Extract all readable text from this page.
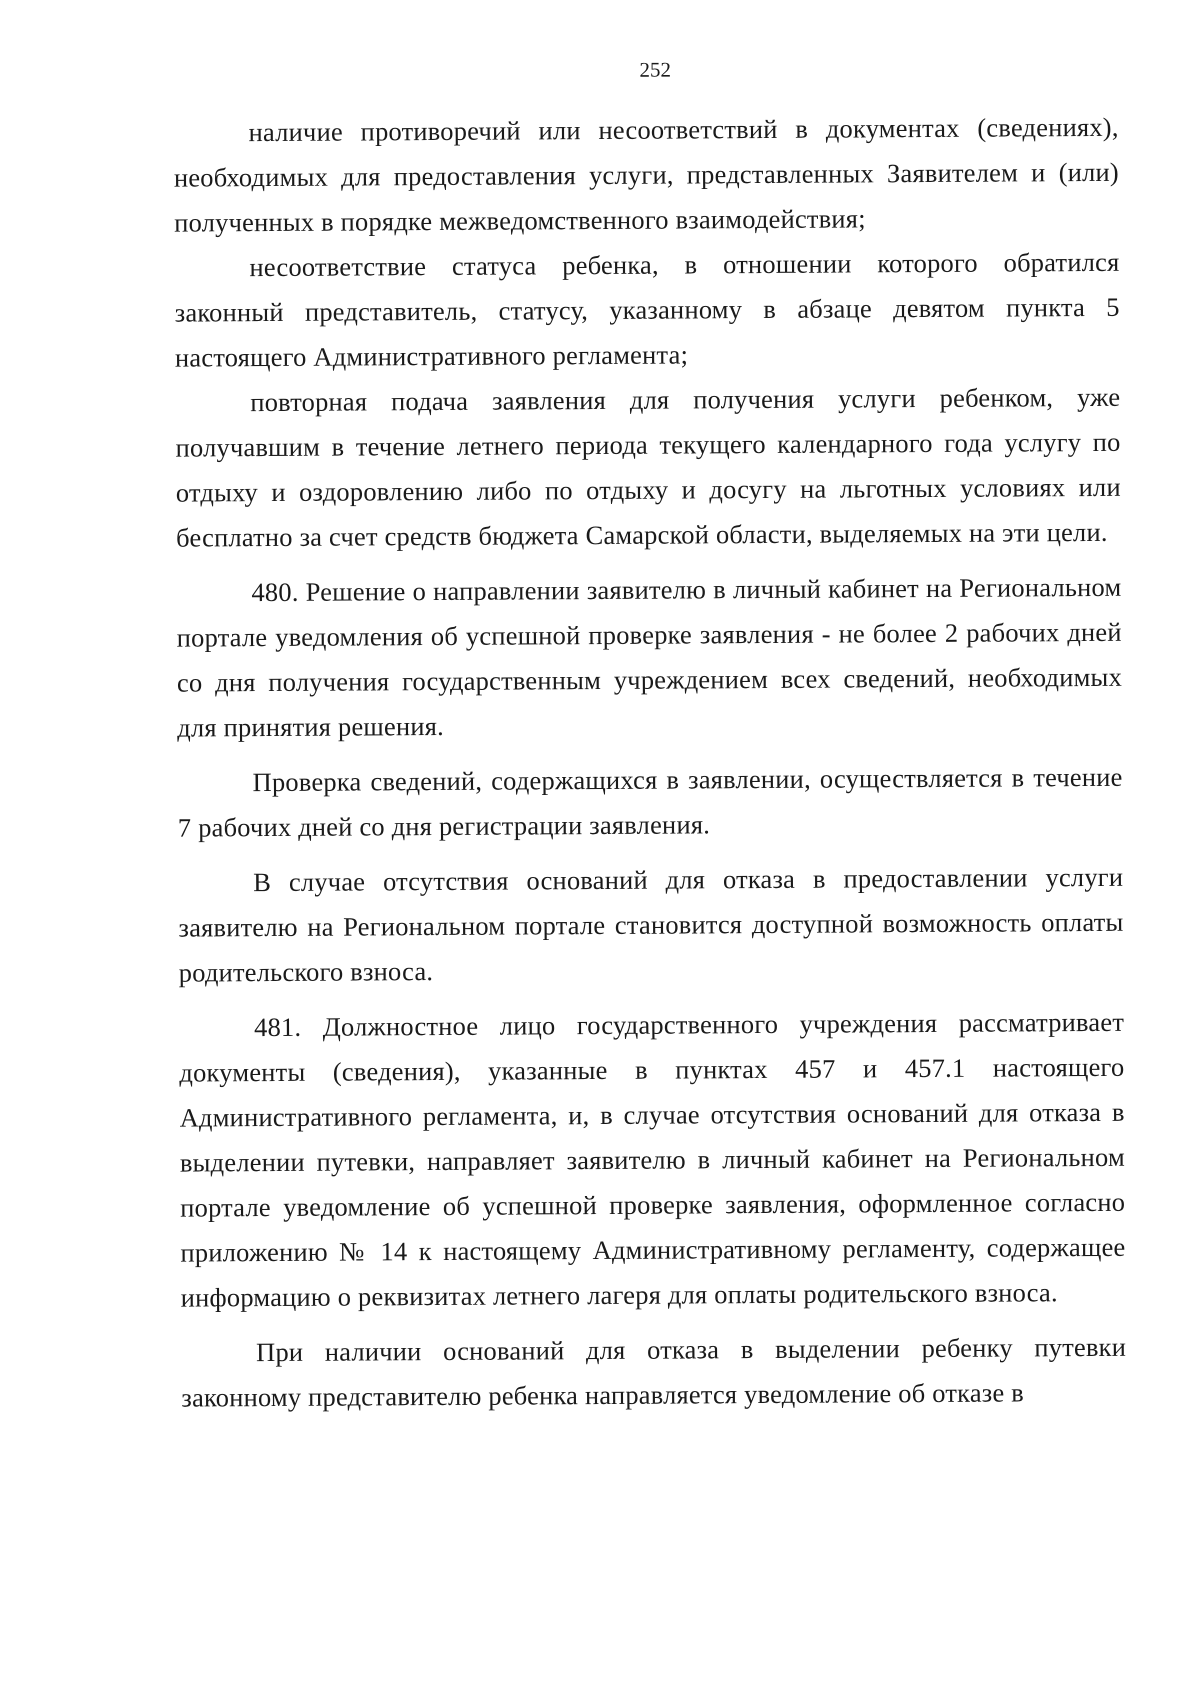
252

наличие противоречий или несоответствий в документах (сведениях), необходимых для предоставления услуги, представленных Заявителем и (или) полученных в порядке межведомственного взаимодействия;

несоответствие статуса ребенка, в отношении которого обратился законный представитель, статусу, указанному в абзаце девятом пункта 5 настоящего Административного регламента;

повторная подача заявления для получения услуги ребенком, уже получавшим в течение летнего периода текущего календарного года услугу по отдыху и оздоровлению либо по отдыху и досугу на льготных условиях или бесплатно за счет средств бюджета Самарской области, выделяемых на эти цели.

480. Решение о направлении заявителю в личный кабинет на Региональном портале уведомления об успешной проверке заявления - не более 2 рабочих дней со дня получения государственным учреждением всех сведений, необходимых для принятия решения.

Проверка сведений, содержащихся в заявлении, осуществляется в течение 7 рабочих дней со дня регистрации заявления.

В случае отсутствия оснований для отказа в предоставлении услуги заявителю на Региональном портале становится доступной возможность оплаты родительского взноса.

481. Должностное лицо государственного учреждения рассматривает документы (сведения), указанные в пунктах 457 и 457.1 настоящего Административного регламента, и, в случае отсутствия оснований для отказа в выделении путевки, направляет заявителю в личный кабинет на Региональном портале уведомление об успешной проверке заявления, оформленное согласно приложению № 14 к настоящему Административному регламенту, содержащее информацию о реквизитах летнего лагеря для оплаты родительского взноса.

При наличии оснований для отказа в выделении ребенку путевки законному представителю ребенка направляется уведомление об отказе в
